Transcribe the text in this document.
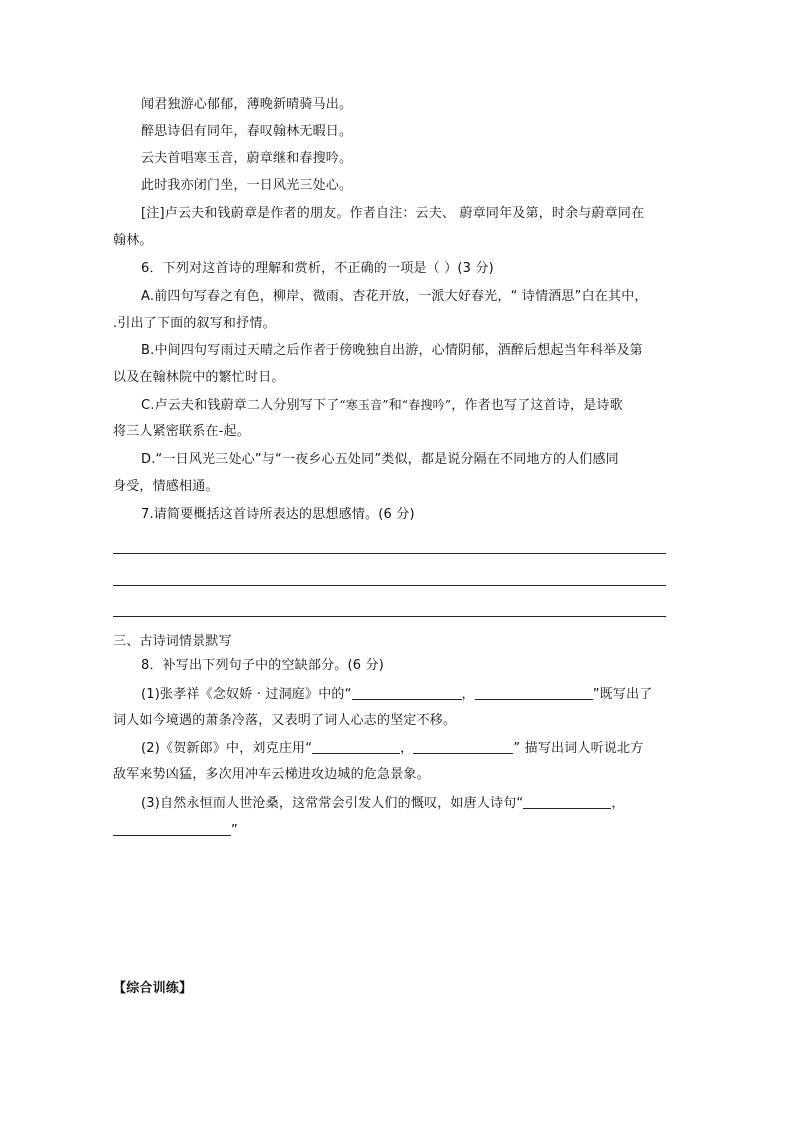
闻君独游心郁郁，薄晚新晴骑马出。
醉思诗侣有同年，春叹翰林无暇日。
云夫首唱寒玉音，蔚章继和春搜吟。
此时我亦闭门坐，一日风光三处心。
[注]卢云夫和钱蔚章是作者的朋友。作者自注：云夫、 蔚章同年及第，时余与蔚章同在
翰林。
6．下列对这首诗的理解和赏析，不正确的一项是（ ）(3 分)
A.前四句写春之有色，柳岸、微雨、杏花开放，一派大好春光，“ 诗情酒思”白在其中，
.引出了下面的叙写和抒情。
B.中间四句写雨过天晴之后作者于傍晚独自出游，心情阴郁，酒醉后想起当年科举及第
以及在翰林院中的繁忙时日。
C.卢云夫和钱蔚章二人分别写下了“寒玉音”和“春搜吟”，作者也写了这首诗，是诗歌
将三人紧密联系在-起。
D.“一日风光三处心”与“一夜乡心五处同”类似，都是说分隔在不同地方的人们感同
身受，情感相通。
7.请简要概括这首诗所表达的思想感情。(6 分)
三、古诗词情景默写
8．补写出下列句子中的空缺部分。(6 分)
(1)张孝祥《念奴娇 · 过洞庭》中的“	，	”既写出了
词人如今境遇的萧条冷落，又表明了词人心志的坚定不移。
(2)《贺新郎》中，刘克庄用“	，	” 描写出词人听说北方
敌军来势凶猛，多次用冲车云梯进攻边城的危急景象。
(3)自然永恒而人世沧桑，这常常会引发人们的慨叹，如唐人诗句“	，
”
【综合训练】
